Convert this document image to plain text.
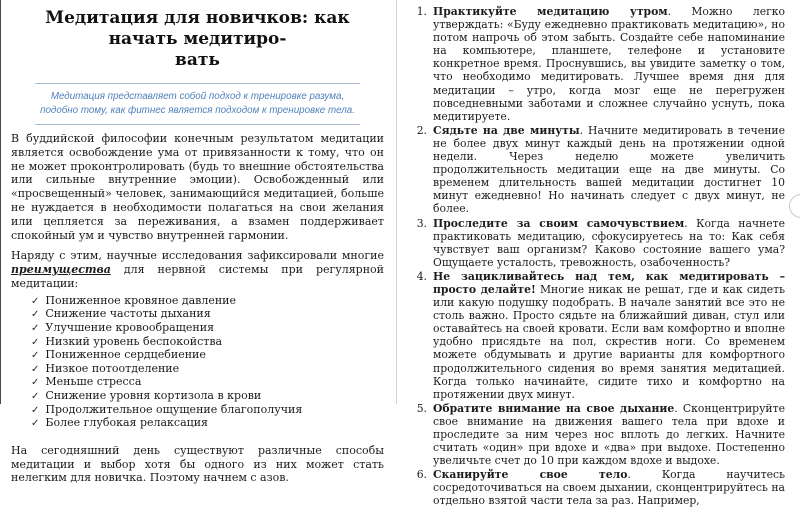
Медитация для новичков: как начать медитиро-
вать
Медитация представляет собой подход к тренировке разума, подобно тому, как фитнес является подходом к тренировке тела.

В буддийской философии конечным результатом медитации является освобождение ума от привязанности к тому, что он не может проконтролировать (будь то внешние обстоятельства или сильные внутренние эмоции). Освобожденный или «просвещенный» человек, занимающийся медитацией, больше не нуждается в необходимости полагаться на свои желания или цепляется за переживания, а взамен поддерживает спокойный ум и чувство внутренней гармонии.

Наряду с этим, научные исследования зафиксировали многие преимущества для нервной системы при регулярной медитации:

✓ Пониженное кровяное давление
✓ Снижение частоты дыхания
✓ Улучшение кровообращения
✓ Низкий уровень беспокойства
✓ Пониженное сердцебиение
✓ Низкое потоотделение
✓ Меньше стресса
✓ Снижение уровня кортизола в крови
✓ Продолжительное ощущение благополучия
✓ Более глубокая релаксация

На сегодняшний день существуют различные способы медитации и выбор хотя бы одного из них может стать нелегким для новичка. Поэтому начнем с азов.

1. Практикуйте медитацию утром. Можно легко утверждать: «Буду ежедневно практиковать медитацию», но потом напрочь об этом забыть. Создайте себе напоминание на компьютере, планшете, телефоне и установите конкретное время. Проснувшись, вы увидите заметку о том, что необходимо медитировать. Лучшее время дня для медитации – утро, когда мозг еще не перегружен повседневными заботами и сложнее случайно уснуть, пока медитируете.
2. Сядьте на две минуты. Начните медитировать в течение не более двух минут каждый день на протяжении одной недели. Через неделю можете увеличить продолжительность медитации еще на две минуты. Со временем длительность вашей медитации достигнет 10 минут ежедневно! Но начинать следует с двух минут, не более.
3. Проследите за своим самочувствием. Когда начнете практиковать медитацию, сфокусируетесь на то: Как себя чувствует ваш организм? Каково состояние вашего ума? Ощущаете усталость, тревожность, озабоченность?
4. Не зацикливайтесь над тем, как медитировать – просто делайте! Многие никак не решат, где и как сидеть или какую подушку подобрать. В начале занятий все это не столь важно. Просто сядьте на ближайший диван, стул или оставайтесь на своей кровати. Если вам комфортно и вполне удобно присядьте на пол, скрестив ноги. Со временем можете обдумывать и другие варианты для комфортного продолжительного сидения во время занятия медитацией. Когда только начинайте, сидите тихо и комфортно на протяжении двух минут.
5. Обратите внимание на свое дыхание. Сконцентрируйте свое внимание на движения вашего тела при вдохе и проследите за ним через нос вплоть до легких. Начните считать «один» при вдохе и «два» при выдохе. Постепенно увеличьте счет до 10 при каждом вдохе и выдохе.
6. Сканируйте свое тело. Когда научитесь сосредоточиваться на своем дыхании, сконцентрируйтесь на отдельно взятой части тела за раз. Например,
